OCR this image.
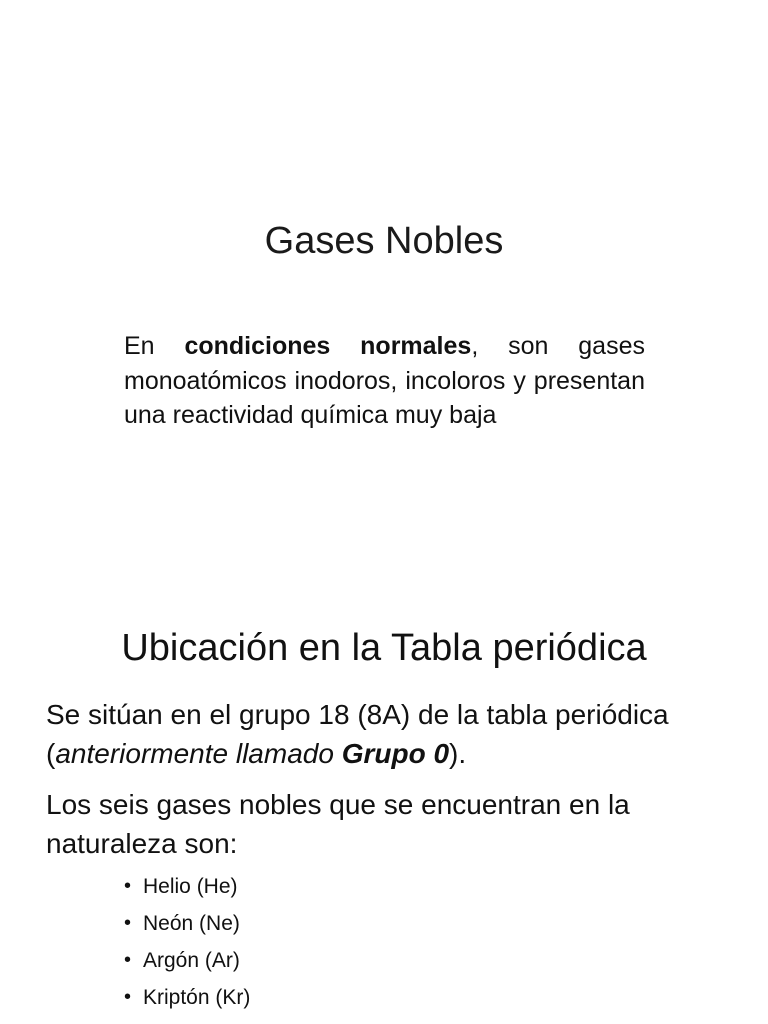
Gases Nobles
En condiciones normales, son gases monoatómicos inodoros, incoloros y presentan una reactividad química muy baja
Ubicación en la Tabla periódica
Se sitúan en el grupo 18 (8A) de la tabla periódica (anteriormente llamado Grupo 0).
Los seis gases nobles que se encuentran en la naturaleza son:
• Helio (He)
• Neón (Ne)
• Argón (Ar)
• Kriptón (Kr)
